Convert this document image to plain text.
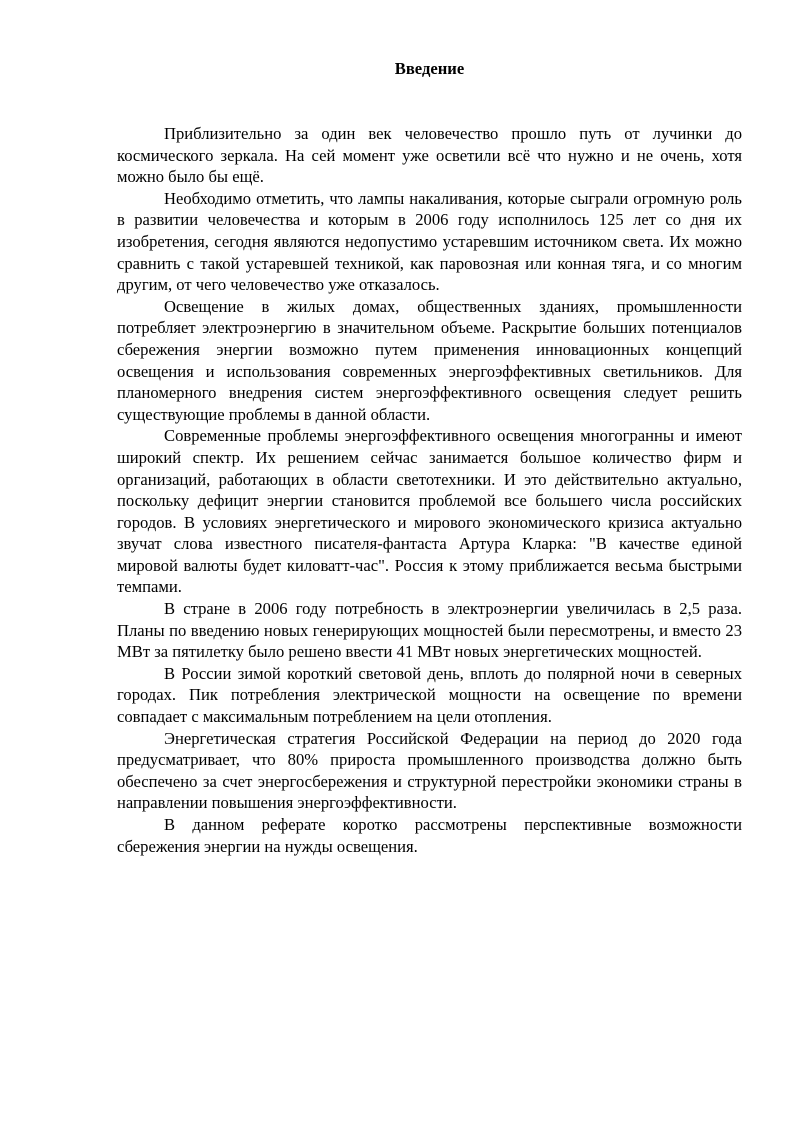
Введение

Приблизительно за один век человечество прошло путь от лучинки до космического зеркала. На сей момент уже осветили всё что нужно и не очень, хотя можно было бы ещё.

Необходимо отметить, что лампы накаливания, которые сыграли огромную роль в развитии человечества и которым в 2006 году исполнилось 125 лет со дня их изобретения, сегодня являются недопустимо устаревшим источником света. Их можно сравнить с такой устаревшей техникой, как паровозная или конная тяга, и со многим другим, от чего человечество уже отказалось.

Освещение в жилых домах, общественных зданиях, промышленности потребляет электроэнергию в значительном объеме. Раскрытие больших потенциалов сбережения энергии возможно путем применения инновационных концепций освещения и использования современных энергоэффективных светильников. Для планомерного внедрения систем энергоэффективного освещения следует решить существующие проблемы в данной области.

Современные проблемы энергоэффективного освещения многогранны и имеют широкий спектр. Их решением сейчас занимается большое количество фирм и организаций, работающих в области светотехники. И это действительно актуально, поскольку дефицит энергии становится проблемой все большего числа российских городов. В условиях энергетического и мирового экономического кризиса актуально звучат слова известного писателя-фантаста Артура Кларка: "В качестве единой мировой валюты будет киловатт-час". Россия к этому приближается весьма быстрыми темпами.

В стране в 2006 году потребность в электроэнергии увеличилась в 2,5 раза. Планы по введению новых генерирующих мощностей были пересмотрены, и вместо 23 МВт за пятилетку было решено ввести 41 МВт новых энергетических мощностей.

В России зимой короткий световой день, вплоть до полярной ночи в северных городах. Пик потребления электрической мощности на освещение по времени совпадает с максимальным потреблением на цели отопления.

Энергетическая стратегия Российской Федерации на период до 2020 года предусматривает, что 80% прироста промышленного производства должно быть обеспечено за счет энергосбережения и структурной перестройки экономики страны в направлении повышения энергоэффективности.

В данном реферате коротко рассмотрены перспективные возможности сбережения энергии на нужды освещения.
